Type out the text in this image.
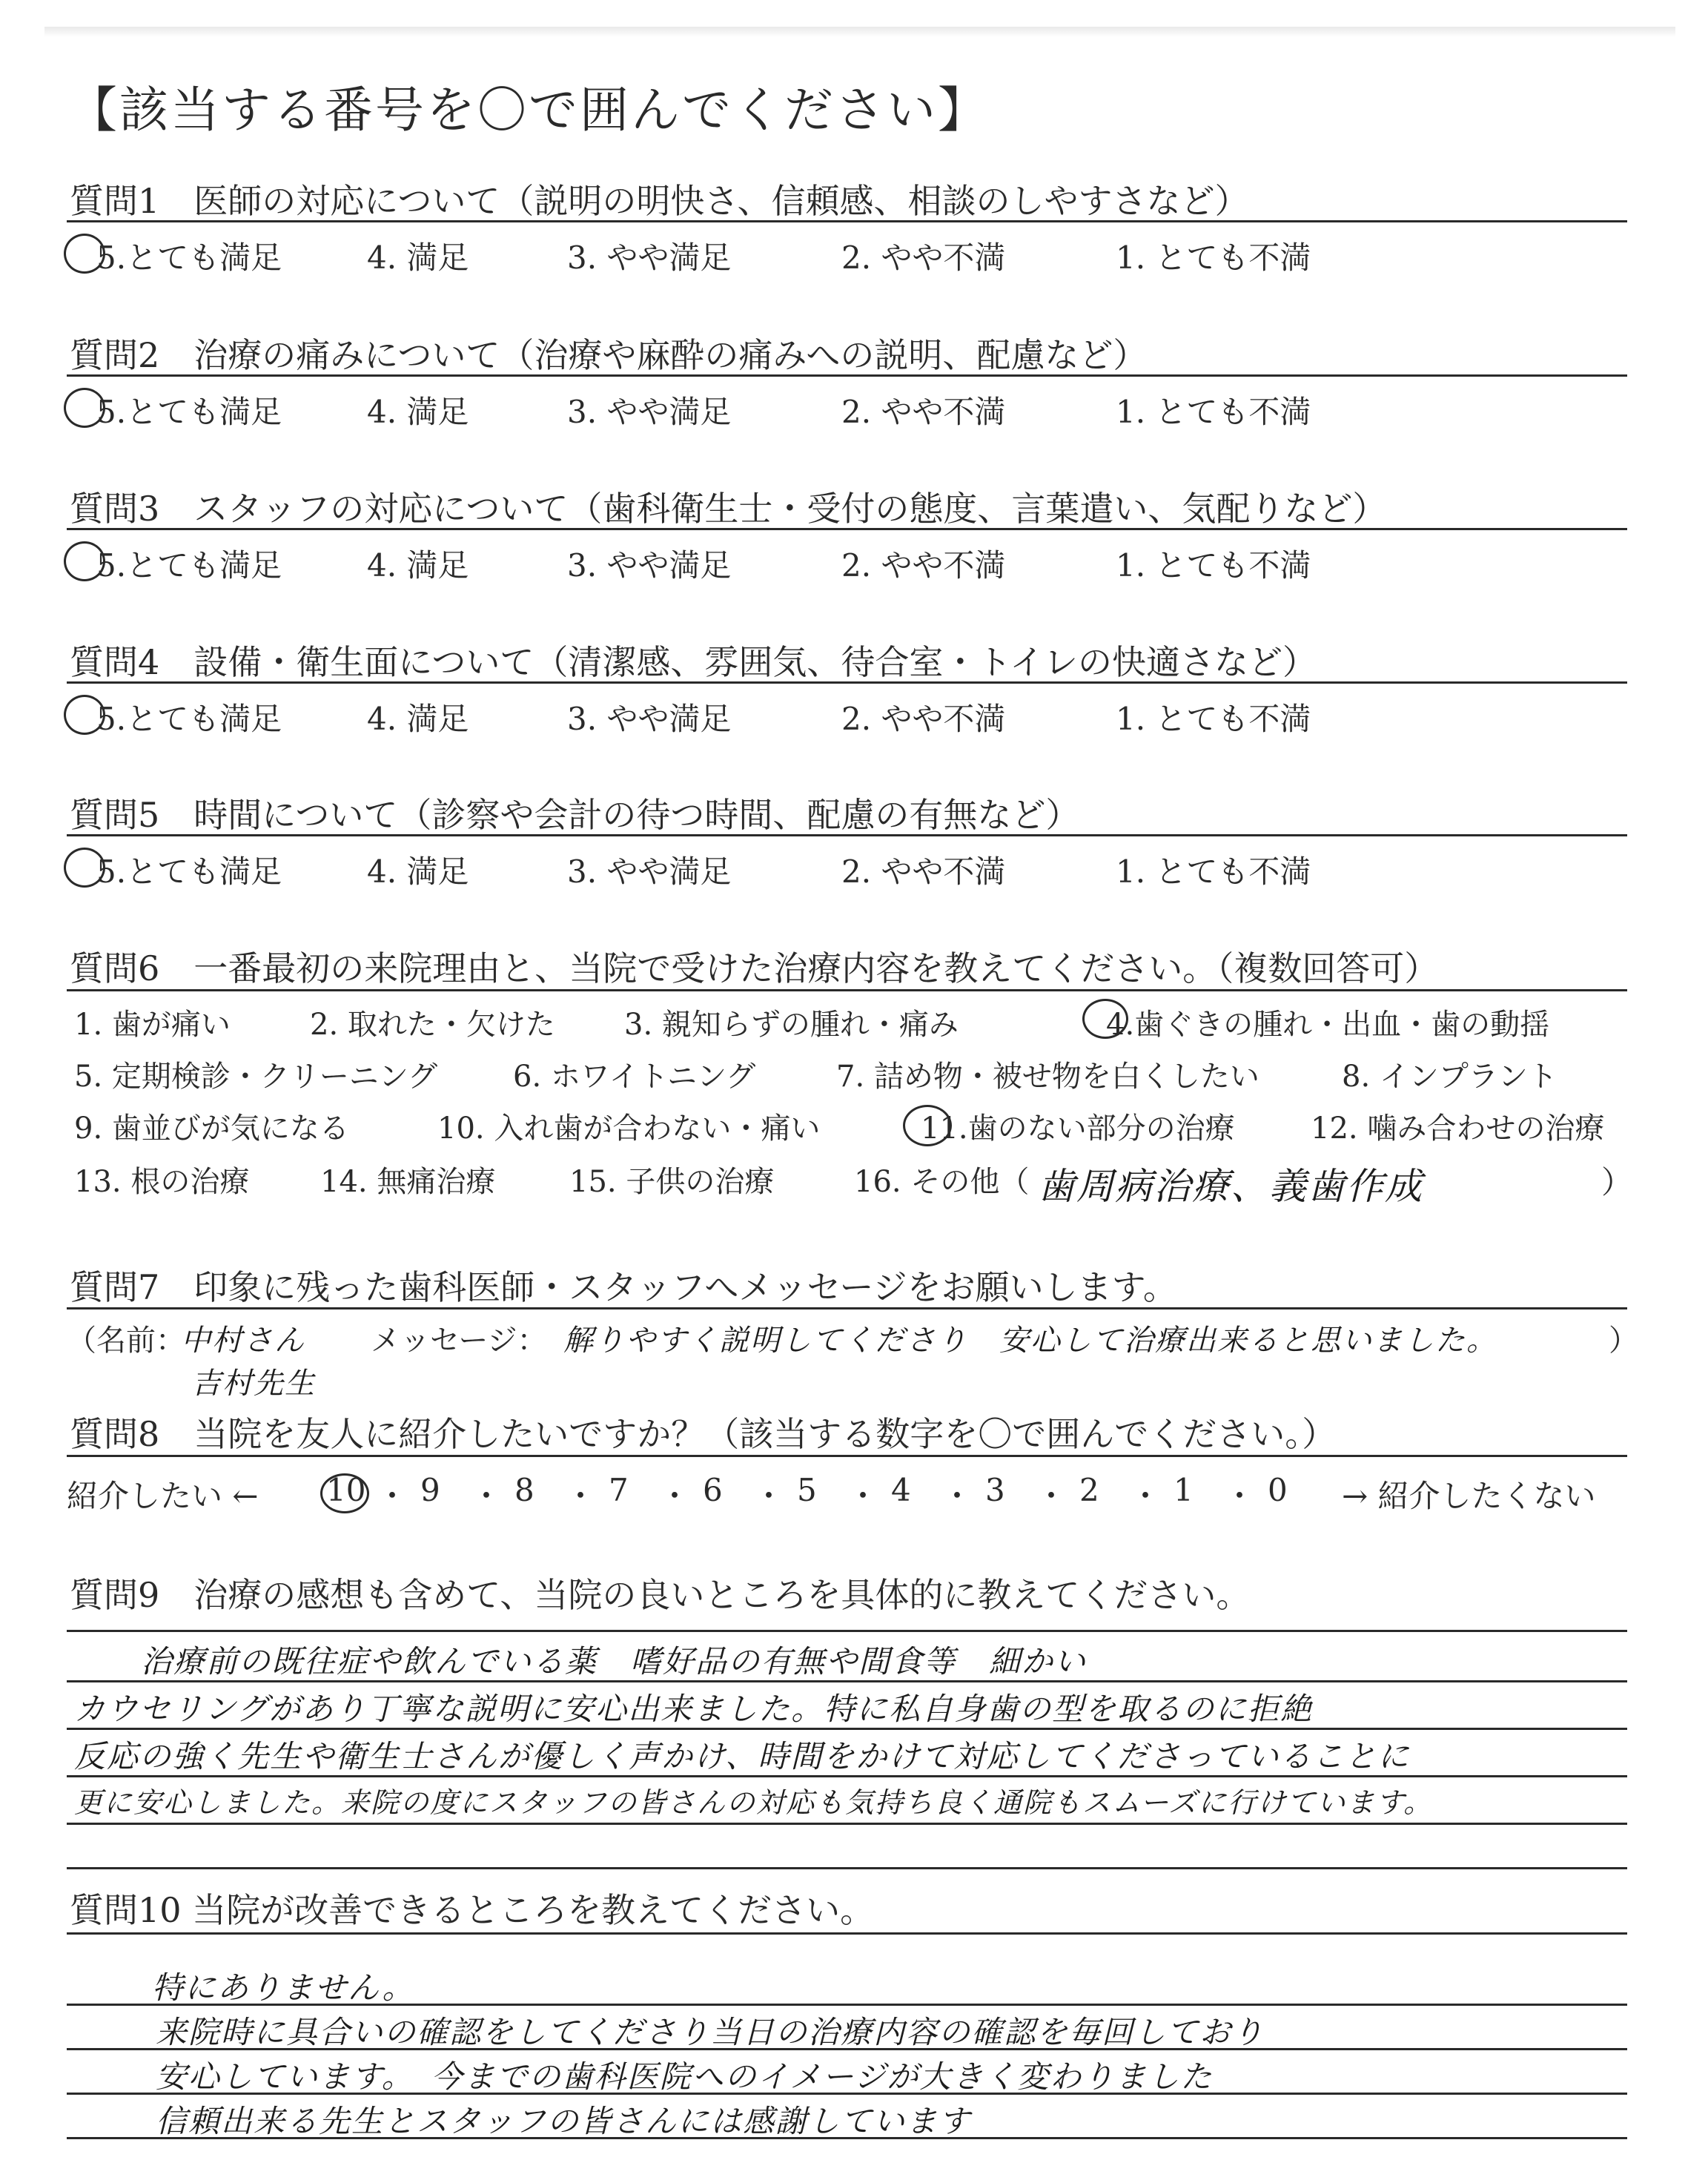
【該当する番号を〇で囲んでください】
質問1　医師の対応について（説明の明快さ、信頼感、相談のしやすさなど）
5.とても満足	4. 満足	3. やや満足	2. やや不満	1. とても不満
質問2　治療の痛みについて（治療や麻酔の痛みへの説明、配慮など）
5.とても満足	4. 満足	3. やや満足	2. やや不満	1. とても不満
質問3　スタッフの対応について（歯科衛生士・受付の態度、言葉遣い、気配りなど）
5.とても満足	4. 満足	3. やや満足	2. やや不満	1. とても不満
質問4　設備・衛生面について（清潔感、雰囲気、待合室・トイレの快適さなど）
5.とても満足	4. 満足	3. やや満足	2. やや不満	1. とても不満
質問5　時間について（診察や会計の待つ時間、配慮の有無など）
5.とても満足	4. 満足	3. やや満足	2. やや不満	1. とても不満
質問6　一番最初の来院理由と、当院で受けた治療内容を教えてください。（複数回答可）
1. 歯が痛い	2. 取れた・欠けた 3. 親知らずの腫れ・痛み	4.歯ぐきの腫れ・出血・歯の動揺
5. 定期検診・クリーニング	6. ホワイトニング	7. 詰め物・被せ物を白くしたい	8. インプラント
9. 歯並びが気になる	10. 入れ歯が合わない・痛い	11.歯のない部分の治療	12. 噛み合わせの治療
13. 根の治療 14. 無痛治療 15. 子供の治療	16. その他（ 歯周病治療、義歯作成	）
質問7　印象に残った歯科医師・スタッフへメッセージをお願いします。
（名前：
中村さん
吉村先生
メッセージ： 解りやすく説明してくださり　安心して治療出来ると思いました。	）
質問8　当院を友人に紹介したいですか？（該当する数字を〇で囲んでください。）
紹介したい ← 10 ・ 9 ・ 8 ・ 7 ・ 6 ・ 5 ・ 4 ・ 3 ・ 2 ・ 1 ・ 0 → 紹介したくない
質問9　治療の感想も含めて、当院の良いところを具体的に教えてください。
治療前の既往症や飲んでいる薬　嗜好品の有無や間食等　細かい
カウセリングがあり丁寧な説明に安心出来ました。特に私自身歯の型を取るのに拒絶
反応の強く先生や衛生士さんが優しく声かけ、時間をかけて対応してくださっていることに
更に安心しました。来院の度にスタッフの皆さんの対応も気持ち良く通院もスムーズに行けています。
質問10 当院が改善できるところを教えてください。
特にありません。
来院時に具合いの確認をしてくださり当日の治療内容の確認を毎回しており
安心しています。　今までの歯科医院へのイメージが大きく変わりました
信頼出来る先生とスタッフの皆さんには感謝しています
